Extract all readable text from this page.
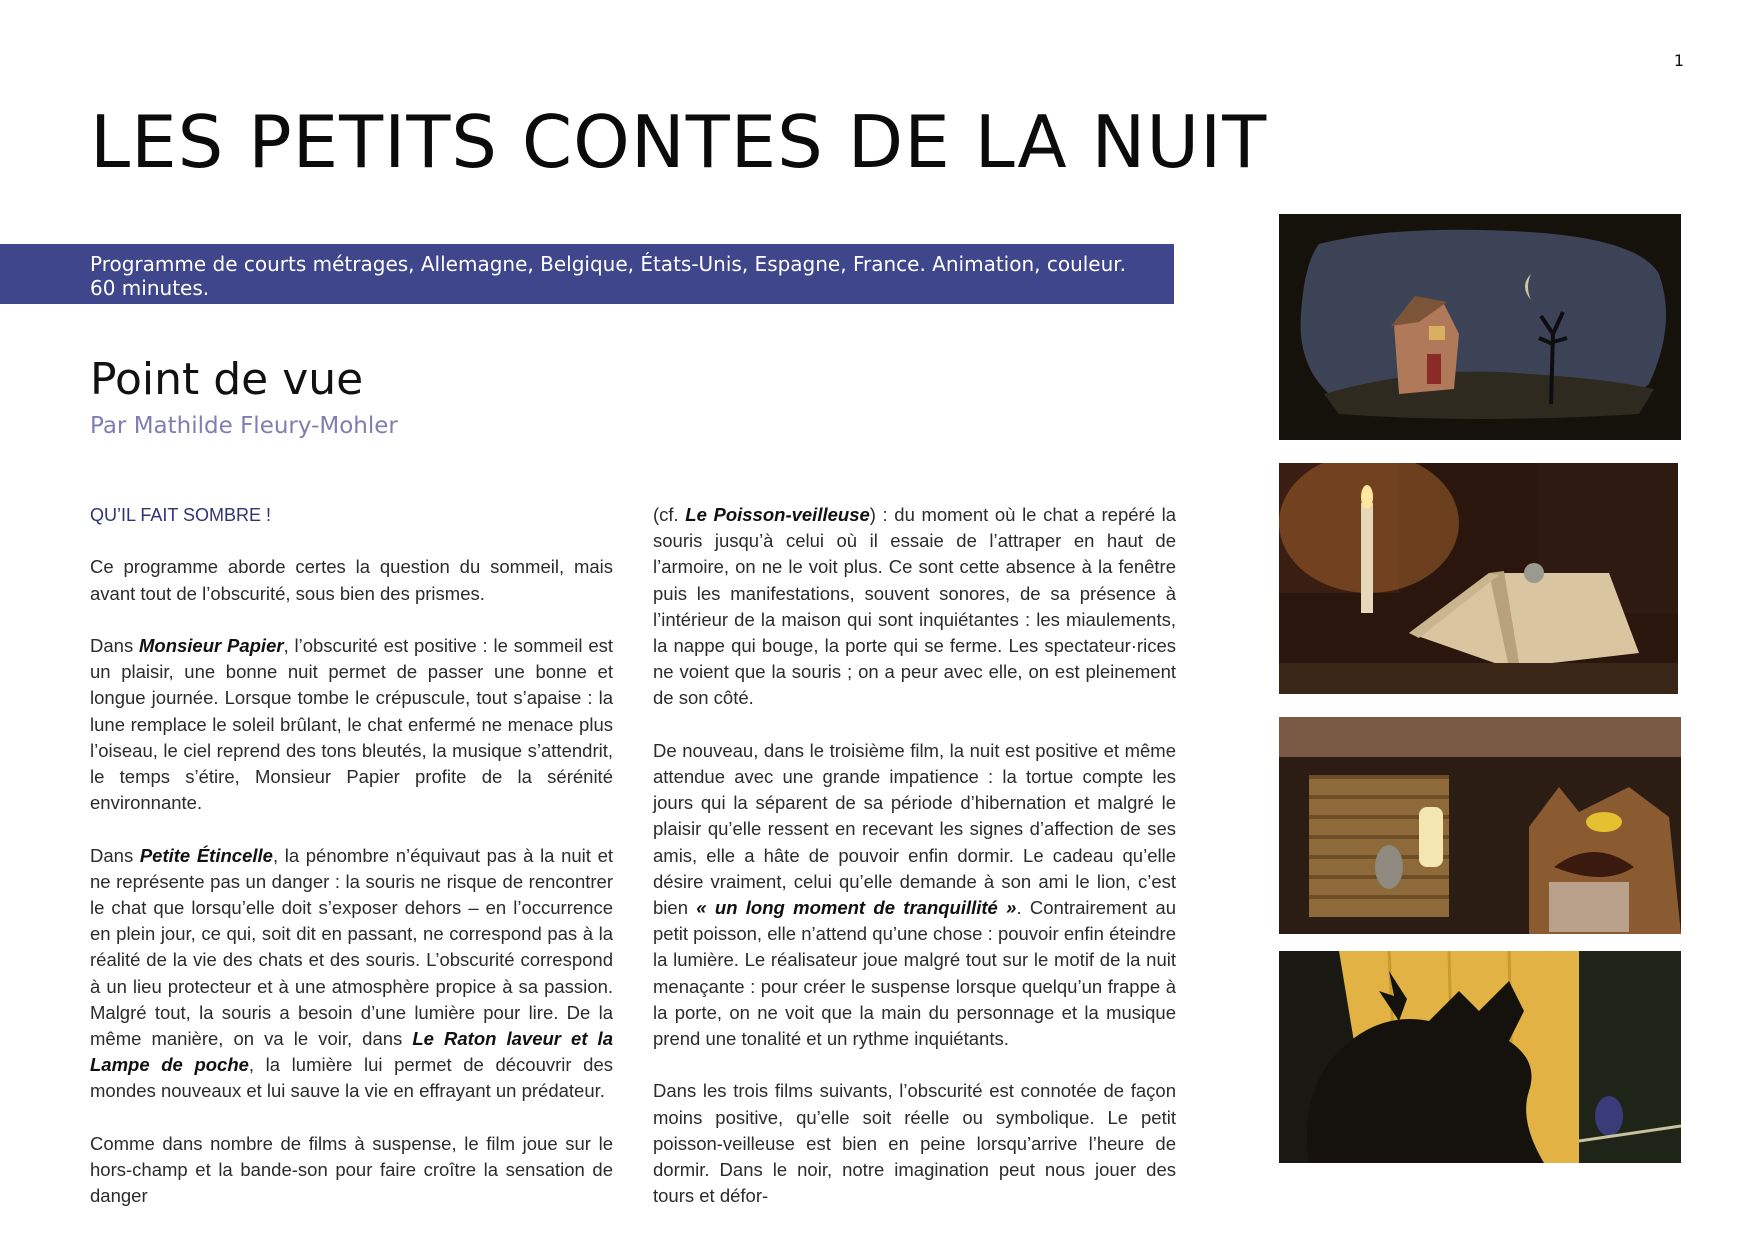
1
LES PETITS CONTES DE LA NUIT
Programme de courts métrages, Allemagne, Belgique, États-Unis, Espagne, France. Animation, couleur. 60 minutes.
Point de vue

Par Mathilde Fleury-Mohler

QU’IL FAIT SOMBRE !

Ce programme aborde certes la question du sommeil, mais avant tout de l’obscurité, sous bien des prismes.

Dans Monsieur Papier, l’obscurité est positive : le sommeil est un plaisir, une bonne nuit permet de passer une bonne et longue journée. Lorsque tombe le crépuscule, tout s’apaise : la lune remplace le soleil brûlant, le chat enfermé ne menace plus l’oiseau, le ciel reprend des tons bleutés, la musique s’attendrit, le temps s’étire, Monsieur Papier profite de la sérénité environnante.

Dans Petite Étincelle, la pénombre n’équivaut pas à la nuit et ne représente pas un danger : la souris ne risque de rencontrer le chat que lorsqu’elle doit s’exposer dehors – en l’occurrence en plein jour, ce qui, soit dit en passant, ne correspond pas à la réalité de la vie des chats et des souris. L’obscurité correspond à un lieu protecteur et à une atmosphère propice à sa passion. Malgré tout, la souris a besoin d’une lumière pour lire. De la même manière, on va le voir, dans Le Raton laveur et la Lampe de poche, la lumière lui permet de découvrir des mondes nouveaux et lui sauve la vie en effrayant un prédateur.

Comme dans nombre de films à suspense, le film joue sur le hors-champ et la bande-son pour faire croître la sensation de danger

(cf. Le Poisson-veilleuse) : du moment où le chat a repéré la souris jusqu’à celui où il essaie de l’attraper en haut de l’armoire, on ne le voit plus. Ce sont cette absence à la fenêtre puis les manifestations, souvent sonores, de sa présence à l’intérieur de la maison qui sont inquiétantes : les miaulements, la nappe qui bouge, la porte qui se ferme. Les spectateur·rices ne voient que la souris ; on a peur avec elle, on est pleinement de son côté.

De nouveau, dans le troisième film, la nuit est positive et même attendue avec une grande impatience : la tortue compte les jours qui la séparent de sa période d’hibernation et malgré le plaisir qu’elle ressent en recevant les signes d’affection de ses amis, elle a hâte de pouvoir enfin dormir. Le cadeau qu’elle désire vraiment, celui qu’elle demande à son ami le lion, c’est bien « un long moment de tranquillité ». Contrairement au petit poisson, elle n’attend qu’une chose : pouvoir enfin éteindre la lumière. Le réalisateur joue malgré tout sur le motif de la nuit menaçante : pour créer le suspense lorsque quelqu’un frappe à la porte, on ne voit que la main du personnage et la musique prend une tonalité et un rythme inquiétants.

Dans les trois films suivants, l’obscurité est connotée de façon moins positive, qu’elle soit réelle ou symbolique. Le petit poisson-veilleuse est bien en peine lorsqu’arrive l’heure de dormir. Dans le noir, notre imagination peut nous jouer des tours et défor-
